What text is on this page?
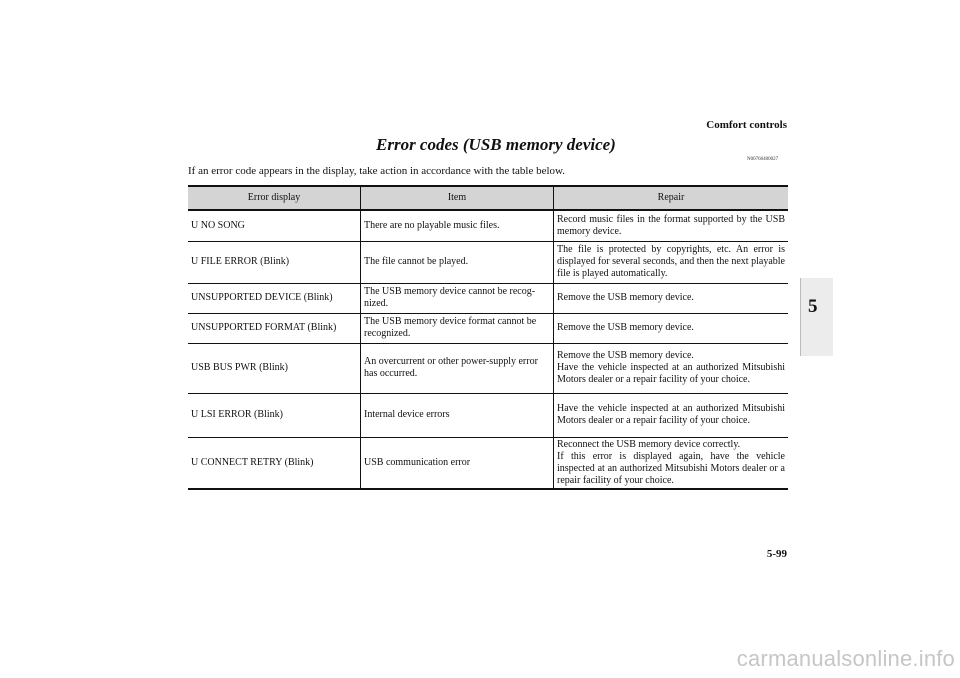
Comfort controls
Error codes (USB memory device)
N00766400027
If an error code appears in the display, take action in accordance with the table below.
Error display	Item	Repair
U NO SONG	There are no playable music files.	Record music files in the format supported by the USB memory device.
U FILE ERROR (Blink)	The file cannot be played.	The file is protected by copyrights, etc. An error is displayed for several seconds, and then the next playable file is played automatically.
UNSUPPORTED DEVICE (Blink)	The USB memory device cannot be recog-nized.	Remove the USB memory device.
UNSUPPORTED FORMAT (Blink)	The USB memory device format cannot be recognized.	Remove the USB memory device.
USB BUS PWR (Blink)	An overcurrent or other power-supply error has occurred.	Remove the USB memory device.
Have the vehicle inspected at an authorized Mitsubishi Motors dealer or a repair facility of your choice.
U LSI ERROR (Blink)	Internal device errors	Have the vehicle inspected at an authorized Mitsubishi Motors dealer or a repair facility of your choice.
U CONNECT RETRY (Blink)	USB communication error	Reconnect the USB memory device correctly.
If this error is displayed again, have the vehicle inspected at an authorized Mitsubishi Motors dealer or a repair facility of your choice.
5
5-99
carmanualsonline.info
